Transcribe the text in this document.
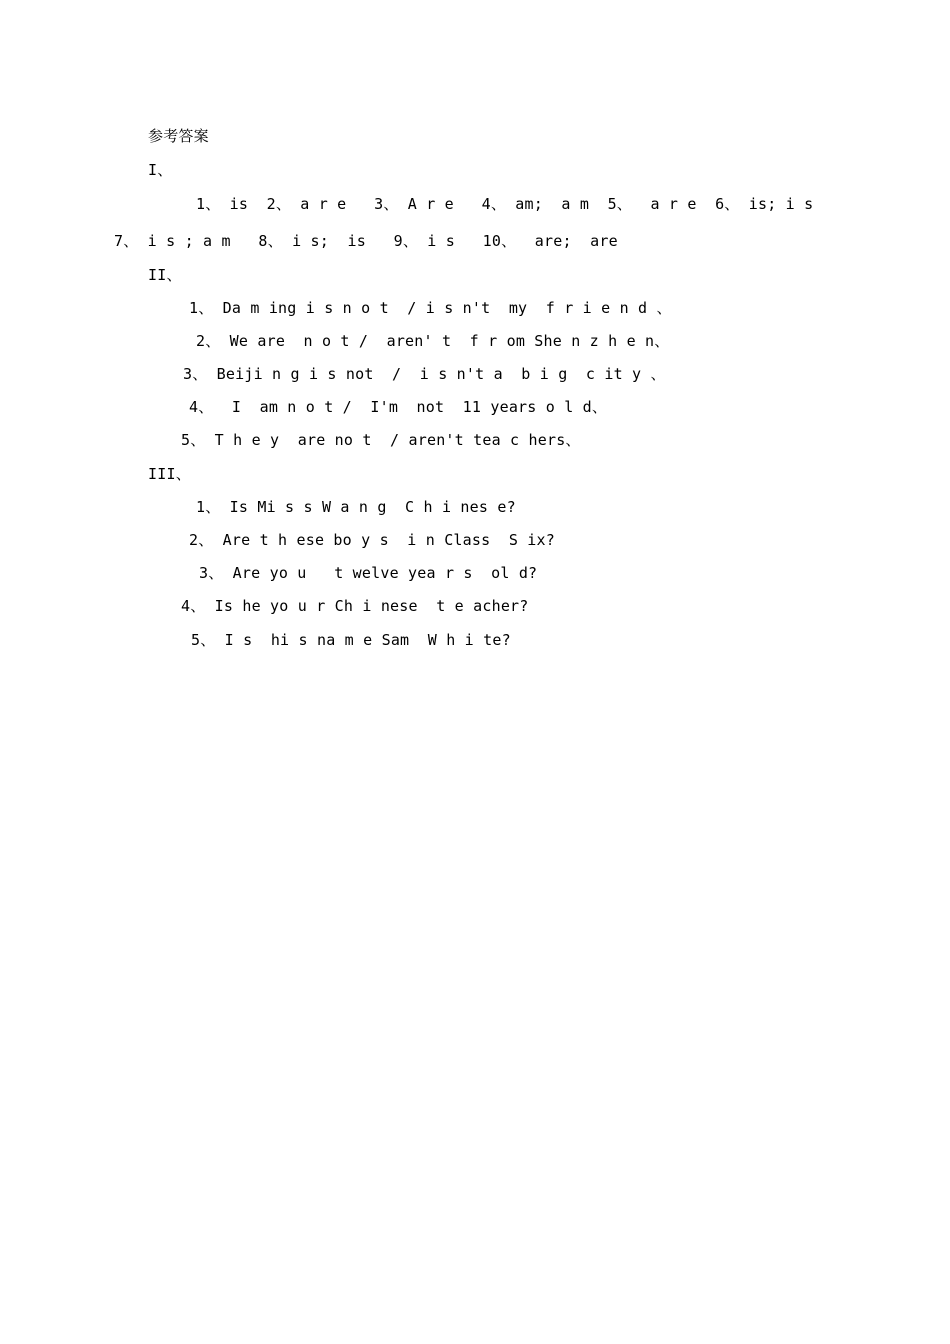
参考答案
I、
1、 is  2、 a r e   3、 A r e   4、 am;  a m  5、  a r e  6、 is; i s
7、 i s ; a m   8、 i s;  is   9、 i s   10、  are;  are
II、
1、 Da m ing i s n o t  / i s n't  my  f r i e n d 、
2、 We are  n o t /  aren' t  f r om She n z h e n、
3、 Beiji n g i s not  /  i s n't a  b i g  c it y 、
4、  I  am n o t /  I'm  not  11 years o l d、
5、 T h e y  are no t  / aren't tea c hers、
III、
1、 Is Mi s s W a n g  C h i nes e?
2、 Are t h ese bo y s  i n Class  S ix?
3、 Are yo u   t welve yea r s  ol d?
4、 Is he yo u r Ch i nese  t e acher?
5、 I s  hi s na m e Sam  W h i te?
